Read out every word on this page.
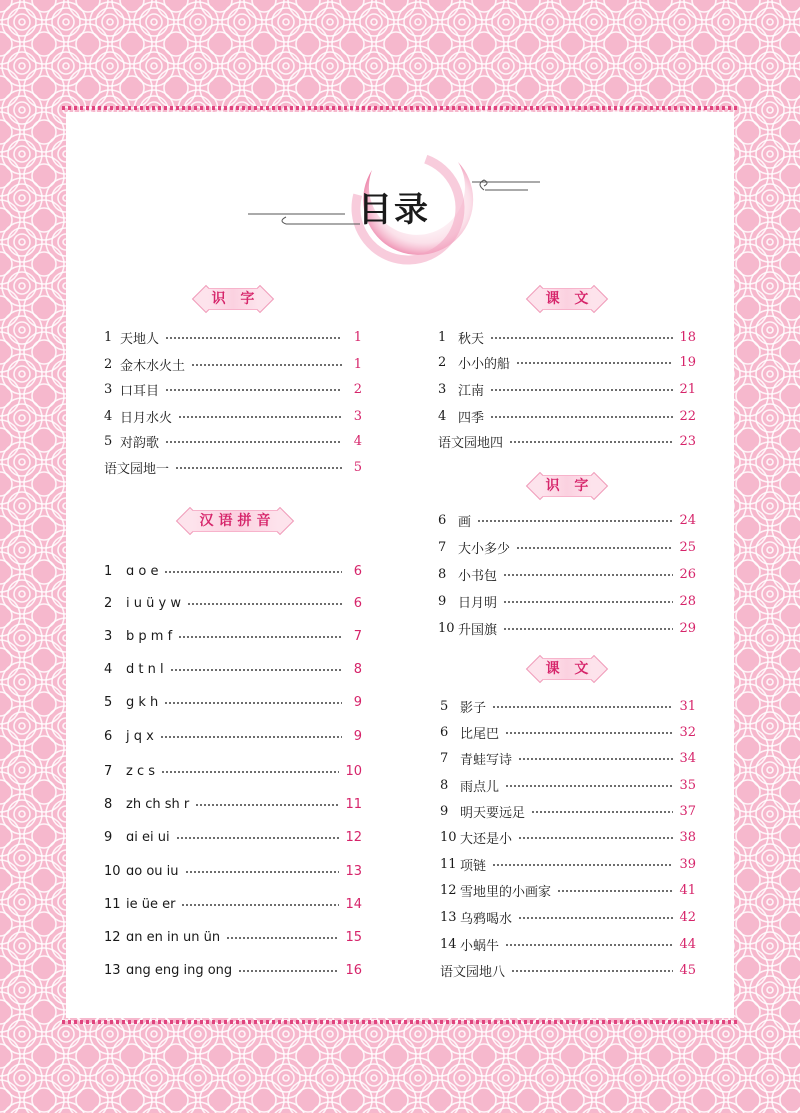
目录
识 字
汉语拼音
课 文
识 字
课 文
1 天地人	1
2 金木水火土	1
3 口耳目	2
4 日月水火	3
5 对韵歌	4
语文园地一	5
1	ɑ o e	6
2	i u ü y w	6
3	b p m f	7
4	d t n l	8
5	g k h	9
6	j q x	9
7	z c s	10
8	zh ch sh r	11
9	ɑi ei ui	12
10 ɑo ou iu	13
11 ie üe er	14
12 ɑn en in un ün	15
13 ɑng eng ing ong	16
1 秋天	18
2 小小的船	19
3 江南	21
4 四季	22
语文园地四	23
6 画	24
7 大小多少	25
8 小书包	26
9 日月明	28
10 升国旗	29
5 影子	31
6 比尾巴	32
7 青蛙写诗	34
8 雨点儿	35
9 明天要远足	37
10 大还是小	38
11 项链	39
12 雪地里的小画家	41
13 乌鸦喝水	42
14 小蜗牛	44
语文园地八	45
